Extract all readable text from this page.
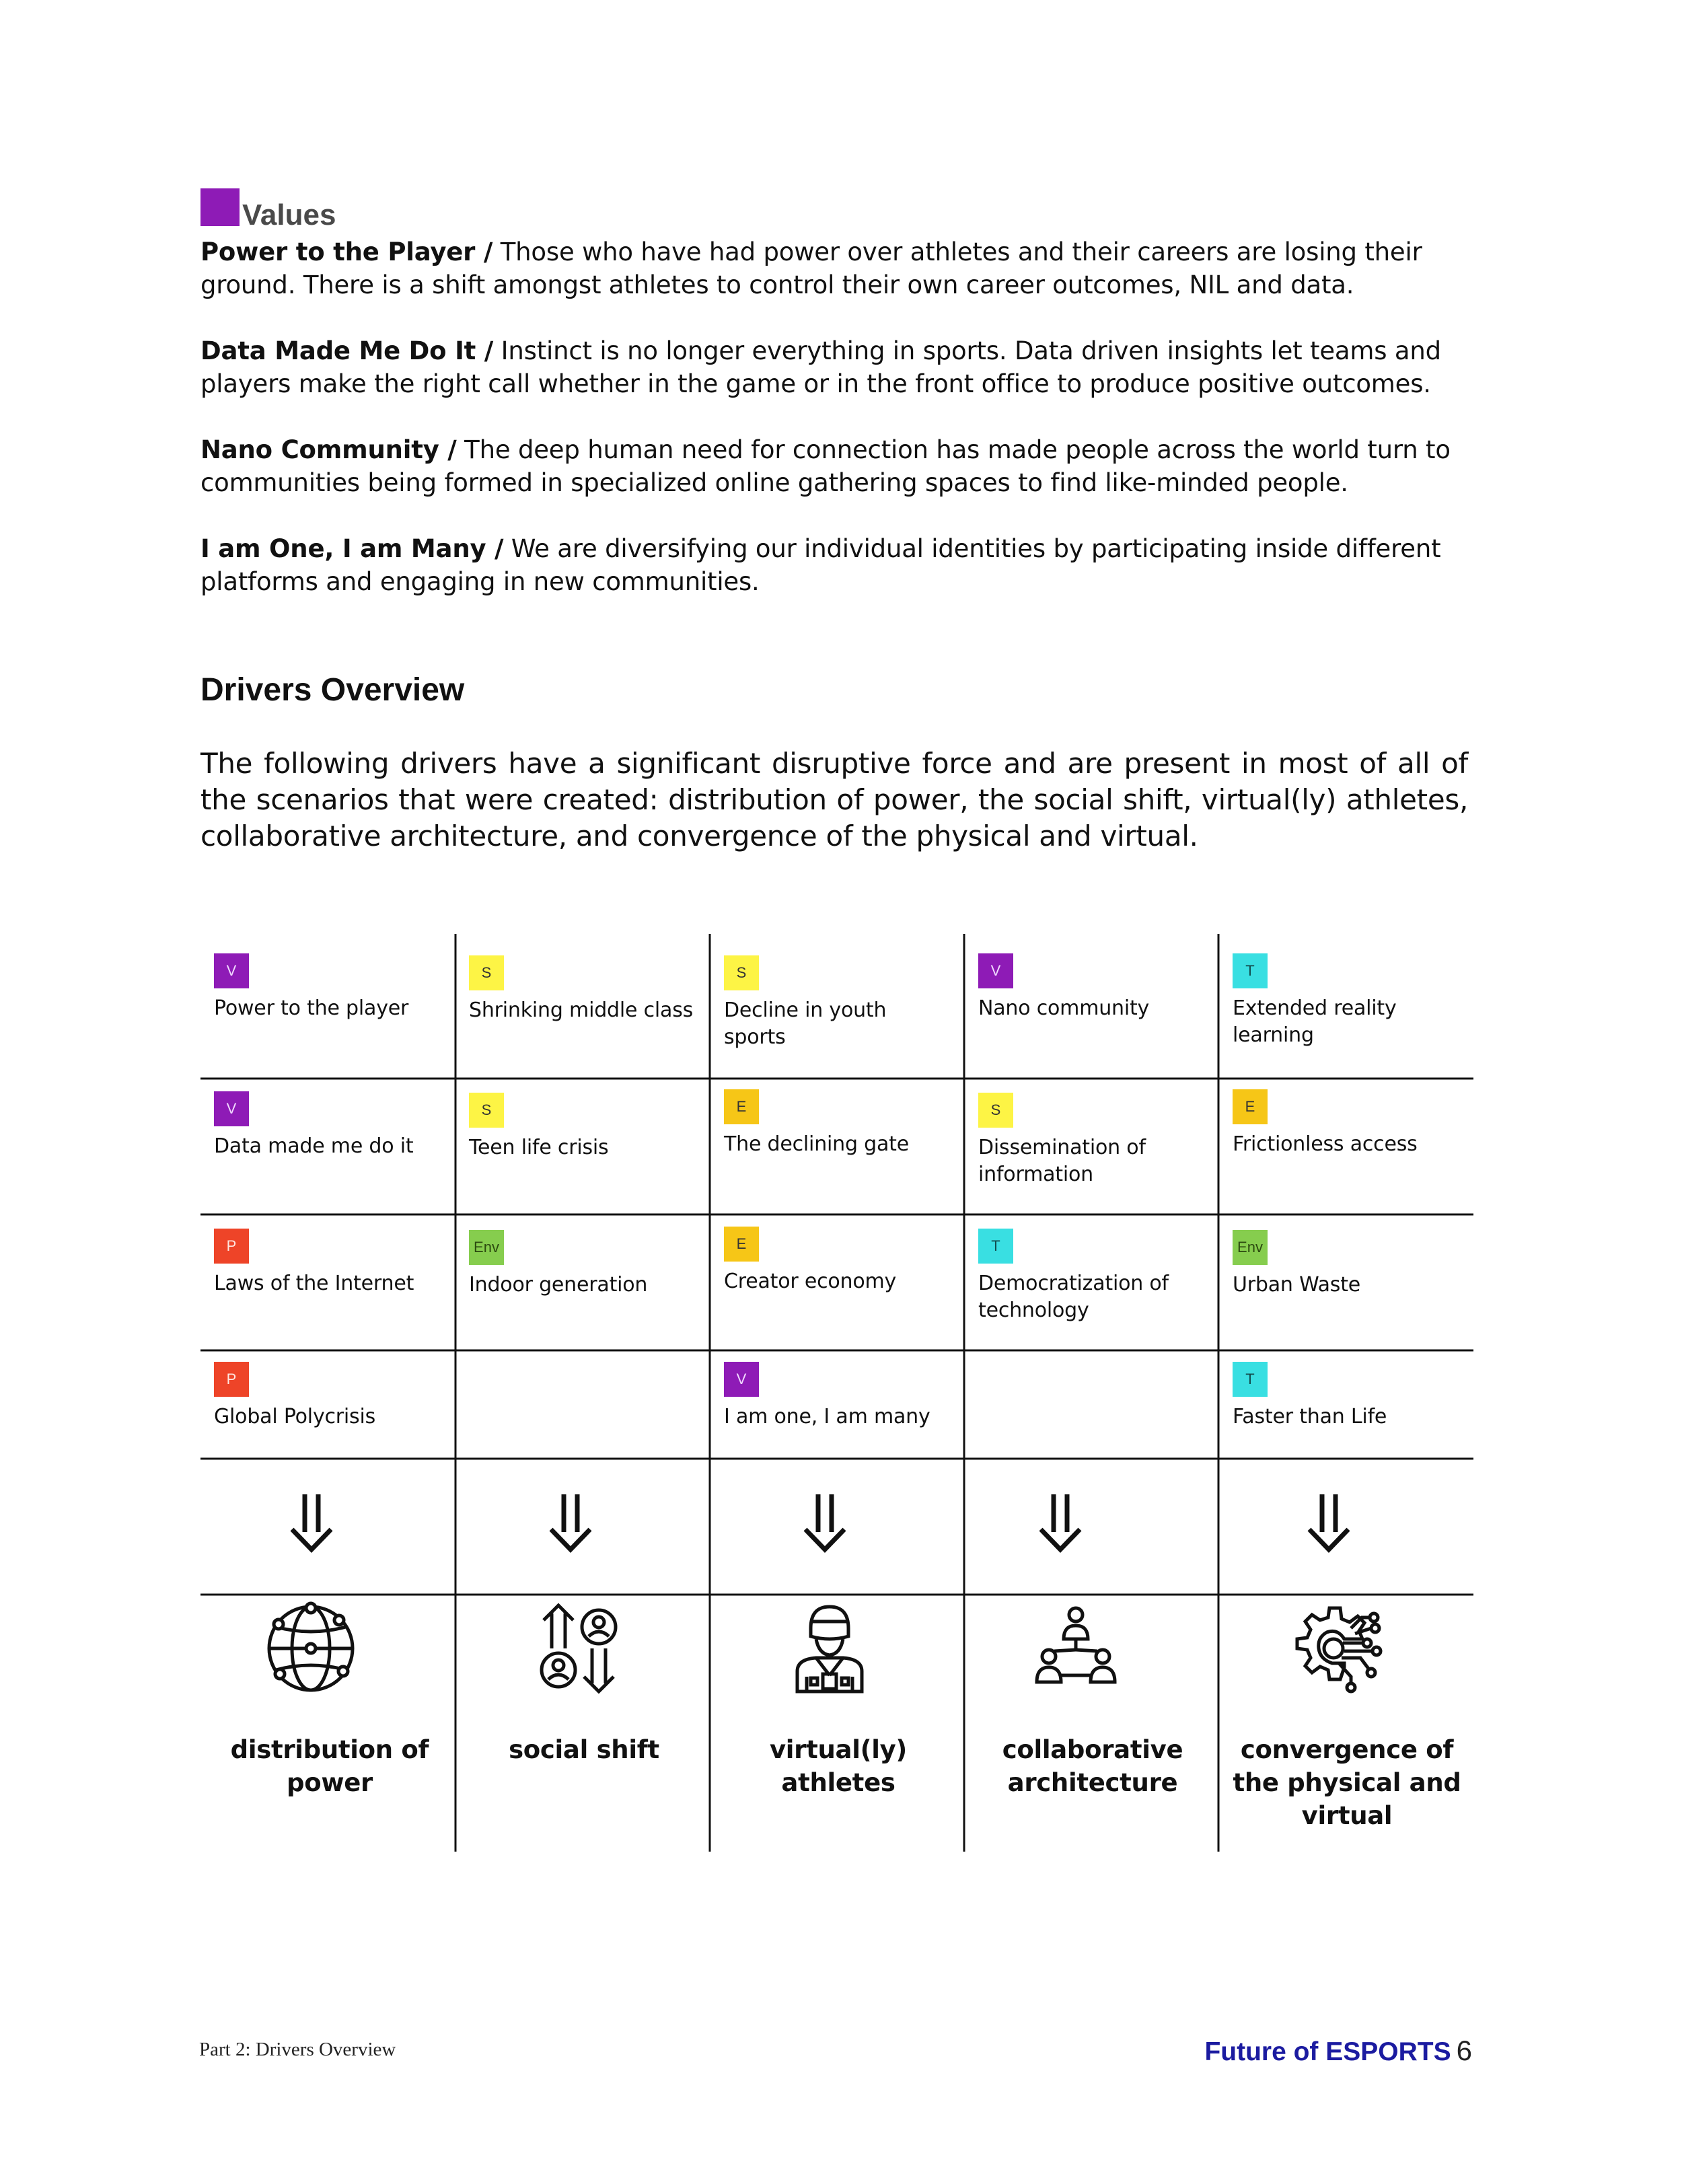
Values

Power to the Player / Those who have had power over athletes and their careers are losing their ground. There is a shift amongst athletes to control their own career outcomes, NIL and data.

Data Made Me Do It / Instinct is no longer everything in sports. Data driven insights let teams and players make the right call whether in the game or in the front office to produce positive outcomes.

Nano Community / The deep human need for connection has made people across the world turn to communities being formed in specialized online gathering spaces to find like-minded people.

I am One, I am Many / We are diversifying our individual identities by participating inside different platforms and engaging in new communities.

Drivers Overview

The following drivers have a significant disruptive force and are present in most of all of the scenarios that were created: distribution of power, the social shift, virtual(ly) athletes, collaborative architecture, and convergence of the physical and virtual.

V
Power to the player
S
Shrinking middle class
S
Decline in youth sports
V
Nano community
T
Extended reality learning
V
Data made me do it
S
Teen life crisis
E
The declining gate
S
Dissemination of information
E
Frictionless access
P
Laws of the Internet
Env
Indoor generation
E
Creator economy
T
Democratization of technology
Env
Urban Waste
P
Global Polycrisis
V
I am one, I am many
T
Faster than Life
distribution of power
social shift	virtual(ly) athletes
collaborative architecture
convergence of the physical and virtual
Part 2: Drivers Overview	Future of ESPORTS 6
